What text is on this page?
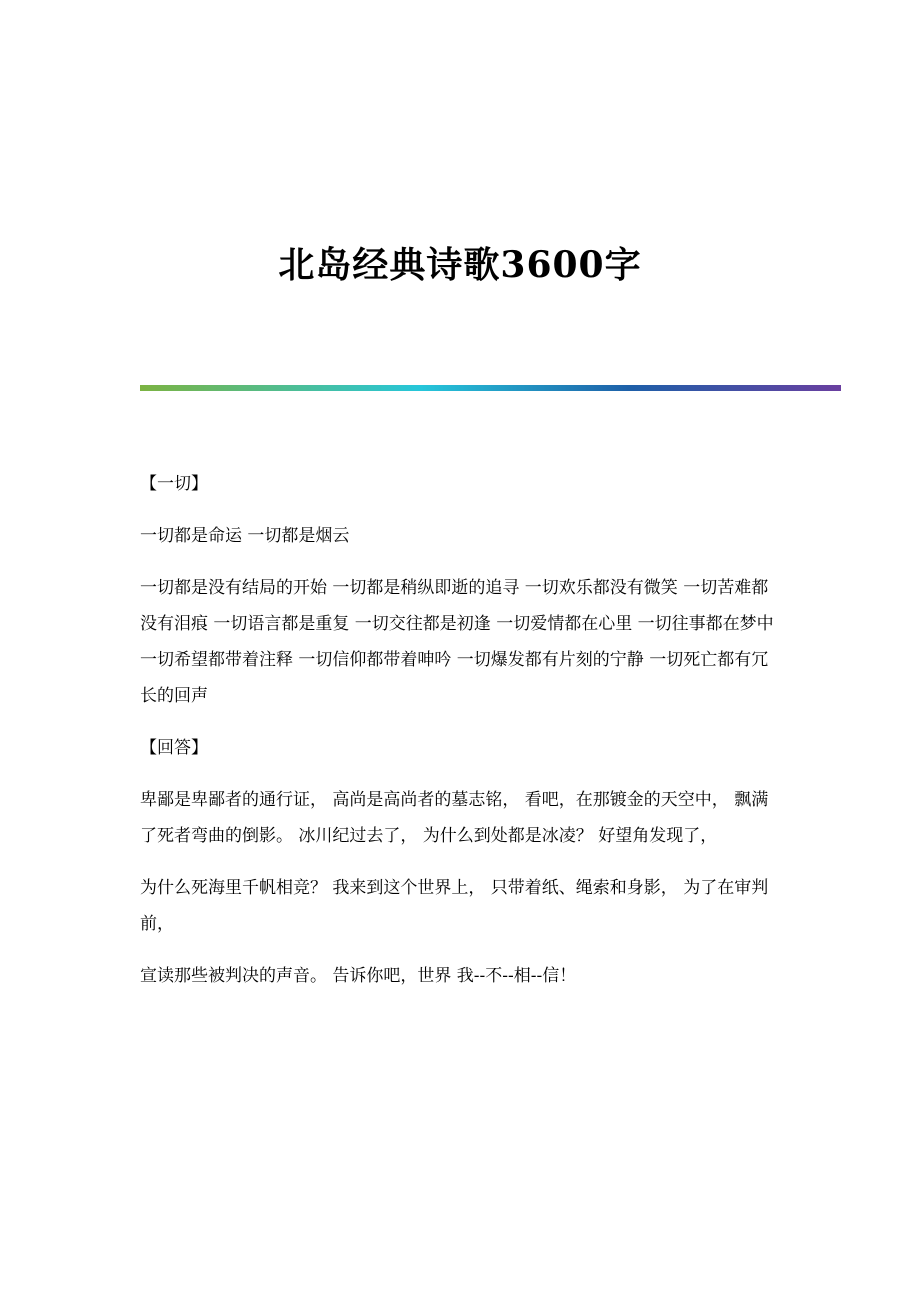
北岛经典诗歌3600字

【一切】

一切都是命运 一切都是烟云

一切都是没有结局的开始 一切都是稍纵即逝的追寻 一切欢乐都没有微笑 一切苦难都没有泪痕 一切语言都是重复 一切交往都是初逢 一切爱情都在心里 一切往事都在梦中 一切希望都带着注释 一切信仰都带着呻吟 一切爆发都有片刻的宁静 一切死亡都有冗长的回声

【回答】

卑鄙是卑鄙者的通行证， 高尚是高尚者的墓志铭， 看吧，在那镀金的天空中， 飘满了死者弯曲的倒影。 冰川纪过去了， 为什么到处都是冰凌？ 好望角发现了，

为什么死海里千帆相竞？ 我来到这个世界上， 只带着纸、绳索和身影， 为了在审判前，

宣读那些被判决的声音。 告诉你吧，世界 我--不--相--信！
